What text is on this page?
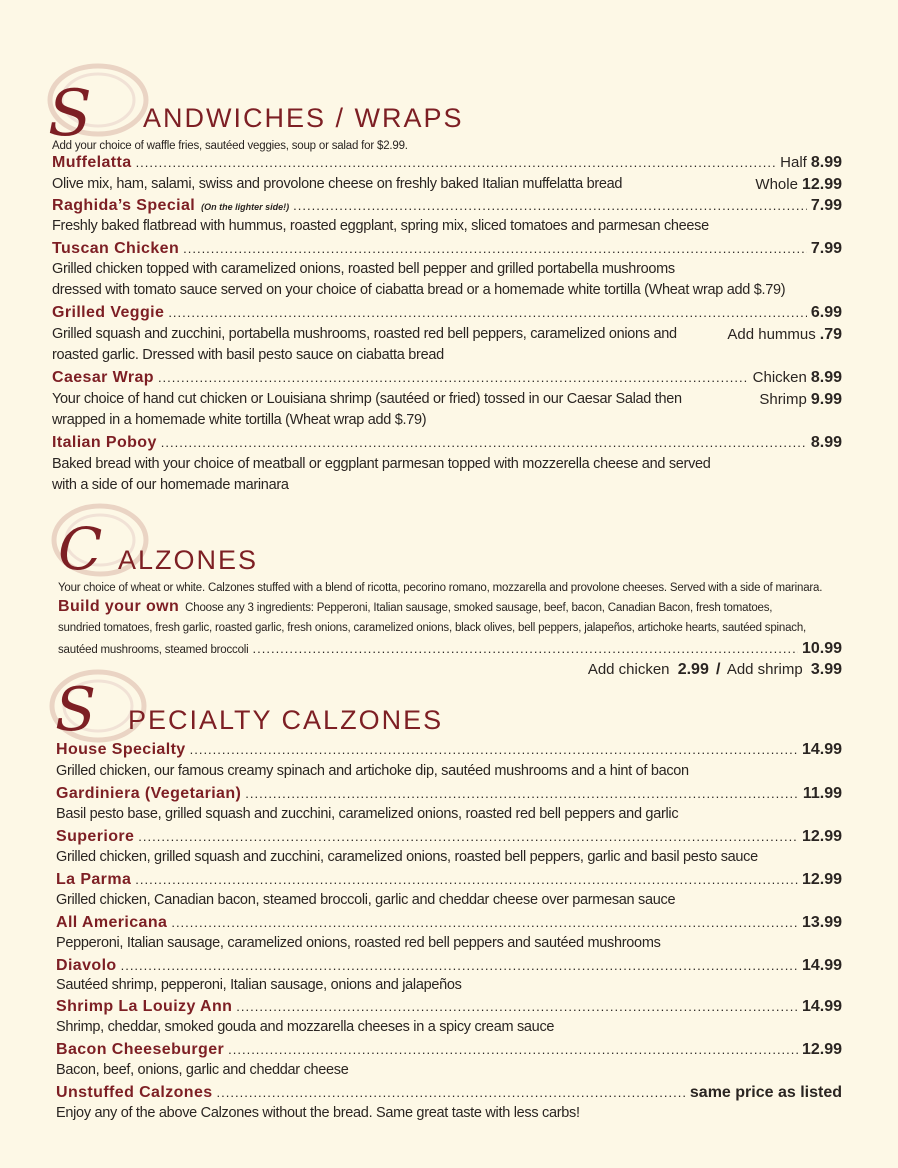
S ANDWICHES / WRAPS
Add your choice of waffle fries, sautéed veggies, soup or salad for $2.99.
Muffelatta .....	Half 8.99
Olive mix, ham, salami, swiss and provolone cheese on freshly baked Italian muffelatta bread	Whole 12.99
Raghida’s Special (On the lighter side!) .....	7.99
Freshly baked flatbread with hummus, roasted eggplant, spring mix, sliced tomatoes and parmesan cheese
Tuscan Chicken .....	7.99
Grilled chicken topped with caramelized onions, roasted bell pepper and grilled portabella mushrooms
dressed with tomato sauce served on your choice of ciabatta bread or a homemade white tortilla (Wheat wrap add $.79)
Grilled Veggie .....	6.99
Grilled squash and zucchini, portabella mushrooms, roasted red bell peppers, caramelized onions and	Add hummus .79
roasted garlic. Dressed with basil pesto sauce on ciabatta bread
Caesar Wrap .....	Chicken 8.99
Your choice of hand cut chicken or Louisiana shrimp (sautéed or fried) tossed in our Caesar Salad then	Shrimp 9.99
wrapped in a homemade white tortilla (Wheat wrap add $.79)
Italian Poboy .....	8.99
Baked bread with your choice of meatball or eggplant parmesan topped with mozzerella cheese and served
with a side of our homemade marinara
C ALZONES
Your choice of wheat or white. Calzones stuffed with a blend of ricotta, pecorino romano, mozzarella and provolone cheeses. Served with a side of marinara.
Build your own Choose any 3 ingredients: Pepperoni, Italian sausage, smoked sausage, beef, bacon, Canadian Bacon, fresh tomatoes,
sundried tomatoes, fresh garlic, roasted garlic, fresh onions, caramelized onions, black olives, bell peppers, jalapeños, artichoke hearts, sautéed spinach,
sautéed mushrooms, steamed broccoli .....	10.99
Add chicken 2.99 / Add shrimp 3.99
S PECIALTY CALZONES
House Specialty .....	14.99
Grilled chicken, our famous creamy spinach and artichoke dip, sautéed mushrooms and a hint of bacon
Gardiniera (Vegetarian) .....	11.99
Basil pesto base, grilled squash and zucchini, caramelized onions, roasted red bell peppers and garlic
Superiore .....	12.99
Grilled chicken, grilled squash and zucchini, caramelized onions, roasted bell peppers, garlic and basil pesto sauce
La Parma .....	12.99
Grilled chicken, Canadian bacon, steamed broccoli, garlic and cheddar cheese over parmesan sauce
All Americana .....	13.99
Pepperoni, Italian sausage, caramelized onions, roasted red bell peppers and sautéed mushrooms
Diavolo .....	14.99
Sautéed shrimp, pepperoni, Italian sausage, onions and jalapeños
Shrimp La Louizy Ann .....	14.99
Shrimp, cheddar, smoked gouda and mozzarella cheeses in a spicy cream sauce
Bacon Cheeseburger .....	12.99
Bacon, beef, onions, garlic and cheddar cheese
Unstuffed Calzones .....	same price as listed
Enjoy any of the above Calzones without the bread. Same great taste with less carbs!
